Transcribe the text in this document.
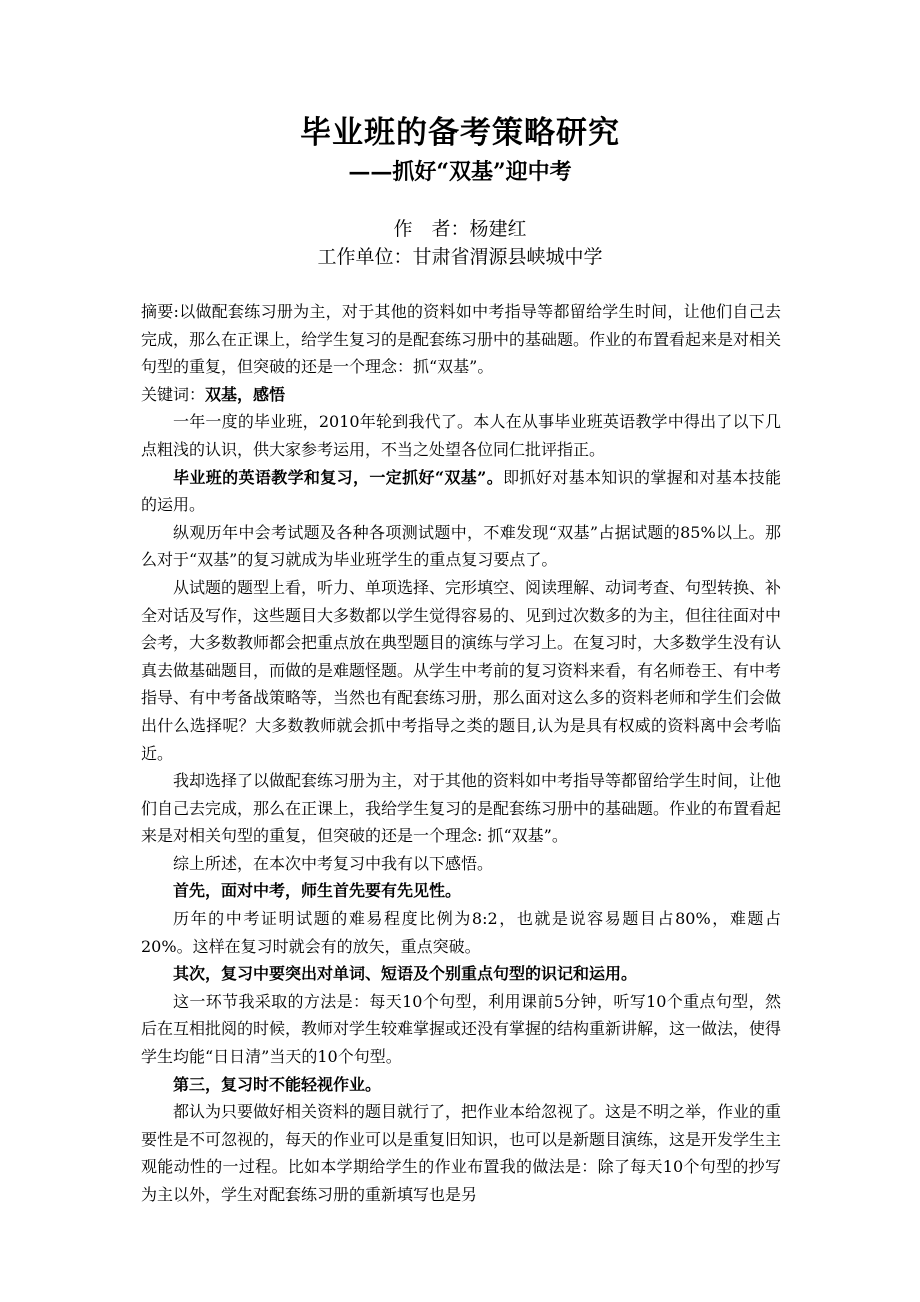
毕业班的备考策略研究
——抓好“双基”迎中考
作　者：杨建红
工作单位：甘肃省渭源县峡城中学

摘要:以做配套练习册为主，对于其他的资料如中考指导等都留给学生时间，让他们自己去完成，那么在正课上，给学生复习的是配套练习册中的基础题。作业的布置看起来是对相关句型的重复，但突破的还是一个理念：抓“双基”。

关键词：双基，感悟

一年一度的毕业班，2010年轮到我代了。本人在从事毕业班英语教学中得出了以下几点粗浅的认识，供大家参考运用，不当之处望各位同仁批评指正。

毕业班的英语教学和复习，一定抓好“双基”。即抓好对基本知识的掌握和对基本技能的运用。

纵观历年中会考试题及各种各项测试题中，不难发现“双基”占据试题的85%以上。那么对于“双基”的复习就成为毕业班学生的重点复习要点了。

从试题的题型上看，听力、单项选择、完形填空、阅读理解、动词考查、句型转换、补全对话及写作，这些题目大多数都以学生觉得容易的、见到过次数多的为主，但往往面对中会考，大多数教师都会把重点放在典型题目的演练与学习上。在复习时，大多数学生没有认真去做基础题目，而做的是难题怪题。从学生中考前的复习资料来看，有名师卷王、有中考指导、有中考备战策略等，当然也有配套练习册，那么面对这么多的资料老师和学生们会做出什么选择呢？大多数教师就会抓中考指导之类的题目,认为是具有权威的资料离中会考临近。

我却选择了以做配套练习册为主，对于其他的资料如中考指导等都留给学生时间，让他们自己去完成，那么在正课上，我给学生复习的是配套练习册中的基础题。作业的布置看起来是对相关句型的重复，但突破的还是一个理念: 抓“双基”。

综上所述，在本次中考复习中我有以下感悟。

首先，面对中考，师生首先要有先见性。

历年的中考证明试题的难易程度比例为8:2，也就是说容易题目占80%，难题占20%。这样在复习时就会有的放矢，重点突破。

其次，复习中要突出对单词、短语及个别重点句型的识记和运用。

这一环节我采取的方法是：每天10个句型，利用课前5分钟，听写10个重点句型，然后在互相批阅的时候，教师对学生较难掌握或还没有掌握的结构重新讲解，这一做法，使得学生均能“日日清”当天的10个句型。

第三，复习时不能轻视作业。

都认为只要做好相关资料的题目就行了，把作业本给忽视了。这是不明之举，作业的重要性是不可忽视的，每天的作业可以是重复旧知识，也可以是新题目演练，这是开发学生主观能动性的一过程。比如本学期给学生的作业布置我的做法是：除了每天10个句型的抄写为主以外，学生对配套练习册的重新填写也是另
